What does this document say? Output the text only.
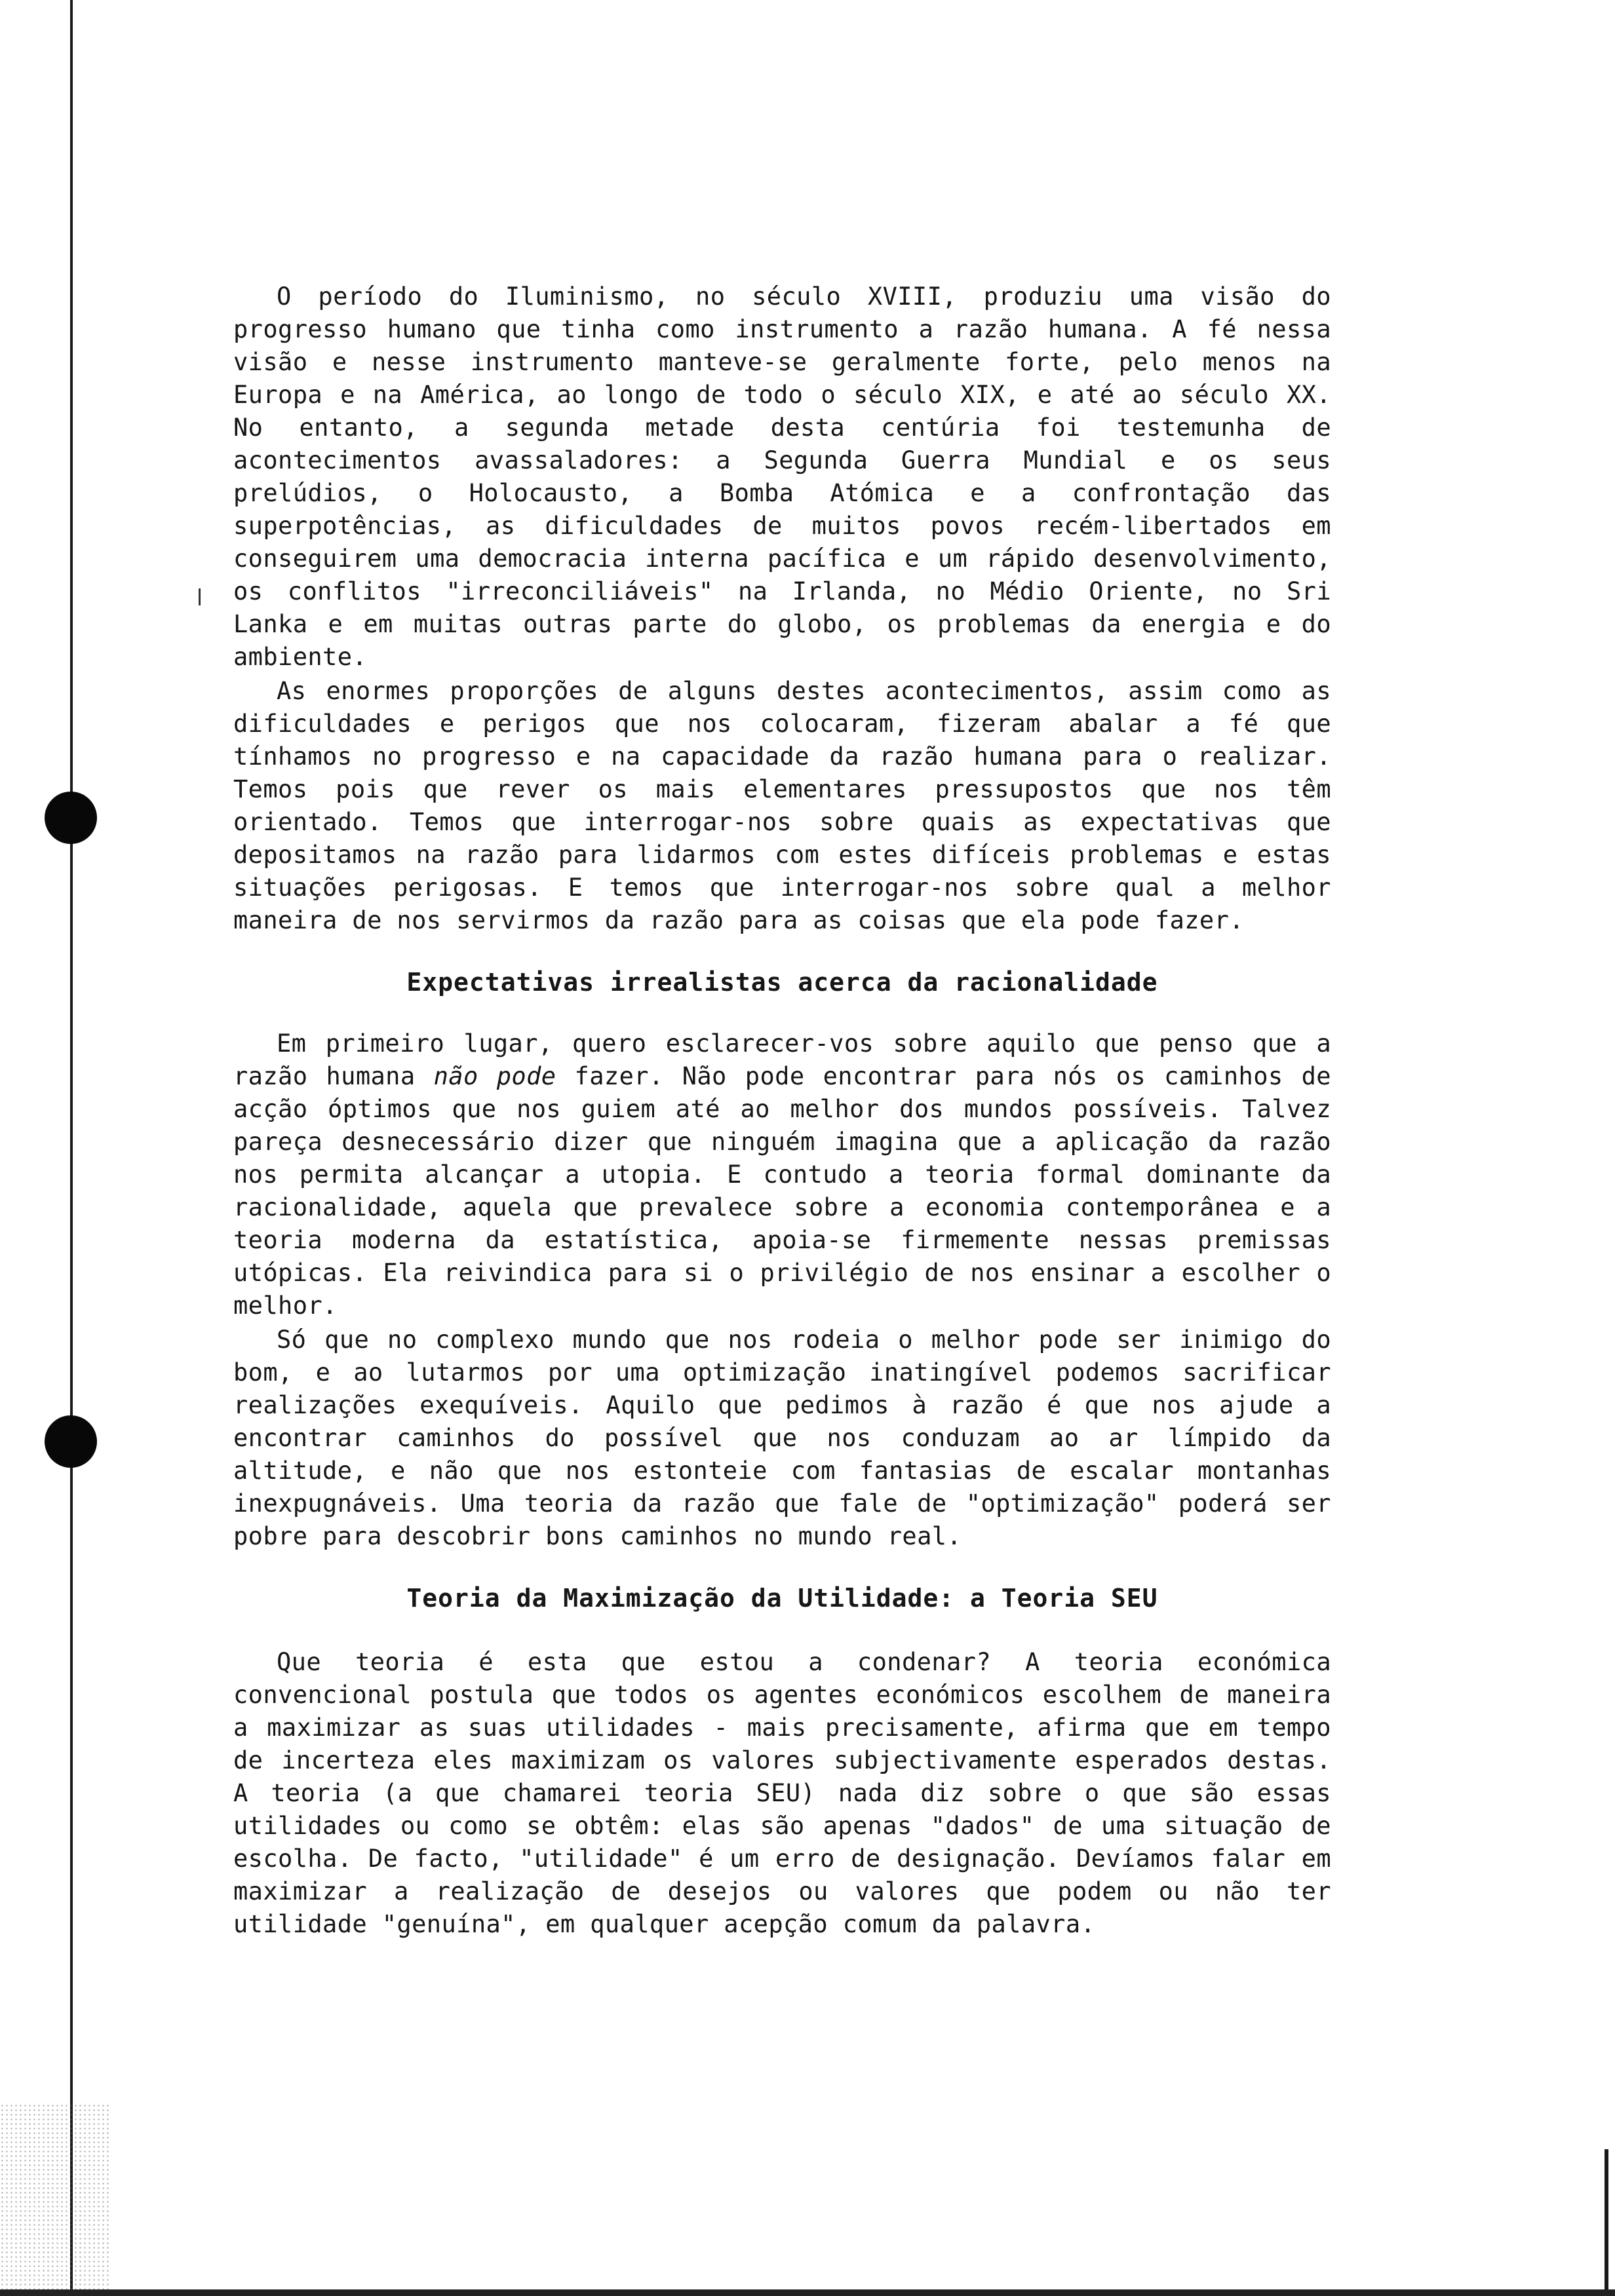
O período do Iluminismo, no século XVIII, produziu uma visão do progresso humano que tinha como instrumento a razão humana. A fé nessa visão e nesse instrumento manteve-se geralmente forte, pelo menos na Europa e na América, ao longo de todo o século XIX, e até ao século XX. No entanto, a segunda metade desta centúria foi testemunha de acontecimentos avassaladores: a Segunda Guerra Mundial e os seus prelúdios, o Holocausto, a Bomba Atómica e a confrontação das superpotências, as dificuldades de muitos povos recém-libertados em conseguirem uma democracia interna pacífica e um rápido desenvolvimento, os conflitos "irreconciliáveis" na Irlanda, no Médio Oriente, no Sri Lanka e em muitas outras parte do globo, os problemas da energia e do ambiente.

As enormes proporções de alguns destes acontecimentos, assim como as dificuldades e perigos que nos colocaram, fizeram abalar a fé que tínhamos no progresso e na capacidade da razão humana para o realizar. Temos pois que rever os mais elementares pressupostos que nos têm orientado. Temos que interrogar-nos sobre quais as expectativas que depositamos na razão para lidarmos com estes difíceis problemas e estas situações perigosas. E temos que interrogar-nos sobre qual a melhor maneira de nos servirmos da razão para as coisas que ela pode fazer.

Expectativas irrealistas acerca da racionalidade

Em primeiro lugar, quero esclarecer-vos sobre aquilo que penso que a razão humana não pode fazer. Não pode encontrar para nós os caminhos de acção óptimos que nos guiem até ao melhor dos mundos possíveis. Talvez pareça desnecessário dizer que ninguém imagina que a aplicação da razão nos permita alcançar a utopia. E contudo a teoria formal dominante da racionalidade, aquela que prevalece sobre a economia contemporânea e a teoria moderna da estatística, apoia-se firmemente nessas premissas utópicas. Ela reivindica para si o privilégio de nos ensinar a escolher o melhor.

Só que no complexo mundo que nos rodeia o melhor pode ser inimigo do bom, e ao lutarmos por uma optimização inatingível podemos sacrificar realizações exequíveis. Aquilo que pedimos à razão é que nos ajude a encontrar caminhos do possível que nos conduzam ao ar límpido da altitude, e não que nos estonteie com fantasias de escalar montanhas inexpugnáveis. Uma teoria da razão que fale de "optimização" poderá ser pobre para descobrir bons caminhos no mundo real.

Teoria da Maximização da Utilidade: a Teoria SEU

Que teoria é esta que estou a condenar? A teoria económica convencional postula que todos os agentes económicos escolhem de maneira a maximizar as suas utilidades - mais precisamente, afirma que em tempo de incerteza eles maximizam os valores subjectivamente esperados destas. A teoria (a que chamarei teoria SEU) nada diz sobre o que são essas utilidades ou como se obtêm: elas são apenas "dados" de uma situação de escolha. De facto, "utilidade" é um erro de designação. Devíamos falar em maximizar a realização de desejos ou valores que podem ou não ter utilidade "genuína", em qualquer acepção comum da palavra.
